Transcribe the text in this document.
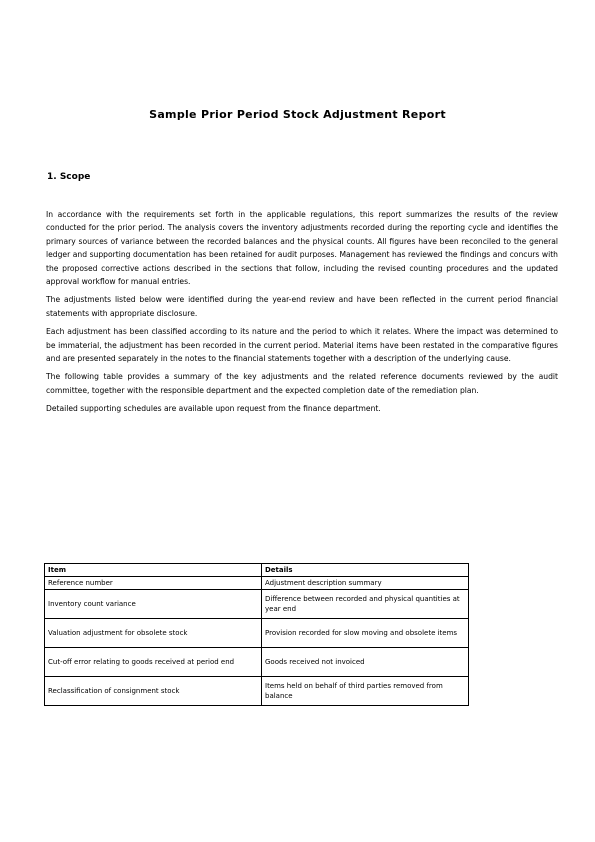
Sample Prior Period Stock Adjustment Report
1. Scope

In accordance with the requirements set forth in the applicable regulations, this report summarizes the results of the review conducted for the prior period. The analysis covers the inventory adjustments recorded during the reporting cycle and identifies the primary sources of variance between the recorded balances and the physical counts. All figures have been reconciled to the general ledger and supporting documentation has been retained for audit purposes. Management has reviewed the findings and concurs with the proposed corrective actions described in the sections that follow, including the revised counting procedures and the updated approval workflow for manual entries.

The adjustments listed below were identified during the year-end review and have been reflected in the current period financial statements with appropriate disclosure.

Each adjustment has been classified according to its nature and the period to which it relates. Where the impact was determined to be immaterial, the adjustment has been recorded in the current period. Material items have been restated in the comparative figures and are presented separately in the notes to the financial statements together with a description of the underlying cause.

The following table provides a summary of the key adjustments and the related reference documents reviewed by the audit committee, together with the responsible department and the expected completion date of the remediation plan.

Detailed supporting schedules are available upon request from the finance department.

Item	Details
Reference number	Adjustment description summary
Inventory count variance	Difference between recorded and physical quantities at year end
Valuation adjustment for obsolete stock	Provision recorded for slow moving and obsolete items
Cut-off error relating to goods received at period end	Goods received not invoiced
Reclassification of consignment stock	Items held on behalf of third parties removed from balance
